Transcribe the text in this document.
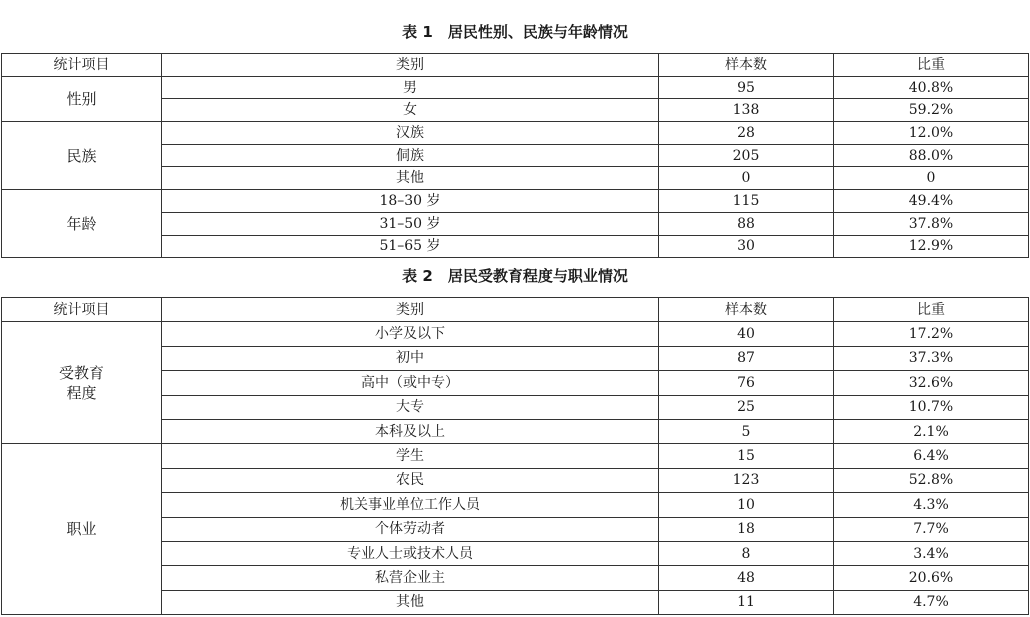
表 1　居民性别、民族与年龄情况
统计项目	类别	样本数	比重
性别	男	95	40.8%
	女	138	59.2%
民族	汉族	28	12.0%
	侗族	205	88.0%
	其他	0	0
年龄	18–30 岁	115	49.4%
	31–50 岁	88	37.8%
	51–65 岁	30	12.9%
表 2　居民受教育程度与职业情况
统计项目	类别	样本数	比重
受教育
程度	小学及以下	40	17.2%
	初中	87	37.3%
	高中（或中专）	76	32.6%
	大专	25	10.7%
	本科及以上	5	2.1%
职业	学生	15	6.4%
	农民	123	52.8%
	机关事业单位工作人员	10	4.3%
	个体劳动者	18	7.7%
	专业人士或技术人员	8	3.4%
	私营企业主	48	20.6%
	其他	11	4.7%
